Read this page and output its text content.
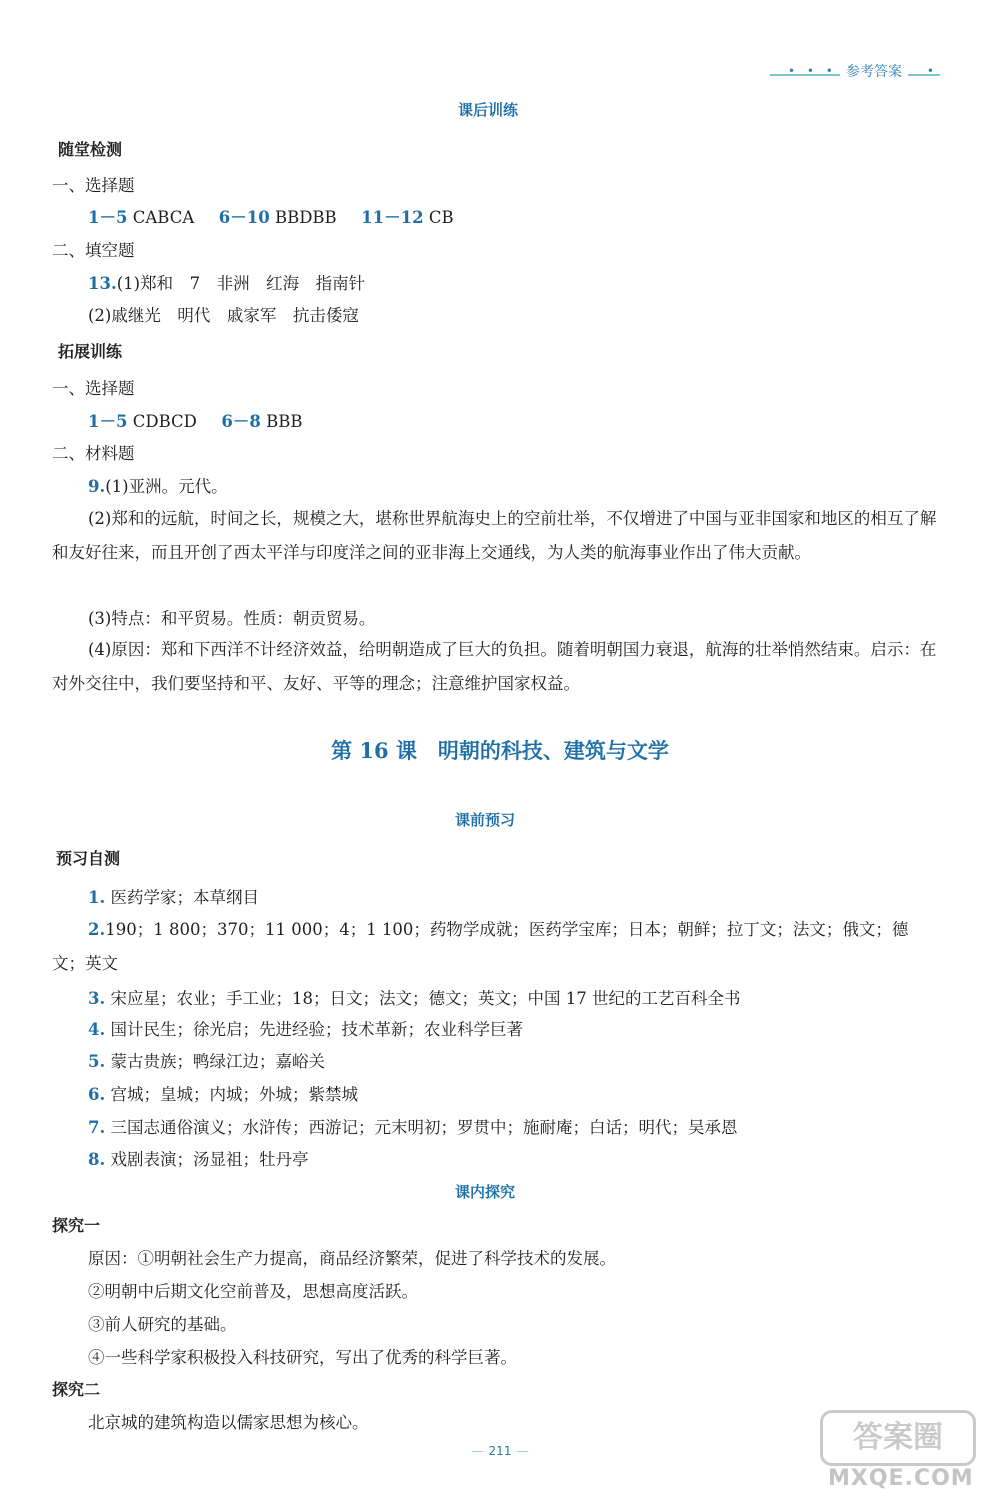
• • • 参考答案	•
课后训练
随堂检测
一、选择题
1－5 CABCA 6－10 BBDBB 11－12 CB
二、填空题
13.(1)郑和　7　非洲　红海　指南针
(2)戚继光　明代　戚家军　抗击倭寇
拓展训练
一、选择题
1－5 CDBCD 6－8 BBB
二、材料题
9.(1)亚洲。元代。
(2)郑和的远航，时间之长，规模之大，堪称世界航海史上的空前壮举，不仅增进了中国与亚非国家和地区的相互了解和友好往来，而且开创了西太平洋与印度洋之间的亚非海上交通线，为人类的航海事业作出了伟大贡献。
(3)特点：和平贸易。性质：朝贡贸易。
(4)原因：郑和下西洋不计经济效益，给明朝造成了巨大的负担。随着明朝国力衰退，航海的壮举悄然结束。启示：在对外交往中，我们要坚持和平、友好、平等的理念；注意维护国家权益。
第 16 课　明朝的科技、建筑与文学
课前预习
预习自测
1. 医药学家；本草纲目
2.190；1 800；370；11 000；4；1 100；药物学成就；医药学宝库；日本；朝鲜；拉丁文；法文；俄文；德文；英文
3. 宋应星；农业；手工业；18；日文；法文；德文；英文；中国 17 世纪的工艺百科全书
4. 国计民生；徐光启；先进经验；技术革新；农业科学巨著
5. 蒙古贵族；鸭绿江边；嘉峪关
6. 宫城；皇城；内城；外城；紫禁城
7. 三国志通俗演义；水浒传；西游记；元末明初；罗贯中；施耐庵；白话；明代；吴承恩
8. 戏剧表演；汤显祖；牡丹亭
课内探究
探究一
原因：①明朝社会生产力提高，商品经济繁荣，促进了科学技术的发展。
②明朝中后期文化空前普及，思想高度活跃。
③前人研究的基础。
④一些科学家积极投入科技研究，写出了优秀的科学巨著。
探究二
北京城的建筑构造以儒家思想为核心。
— 211 —	答案圈
MXQE.COM
